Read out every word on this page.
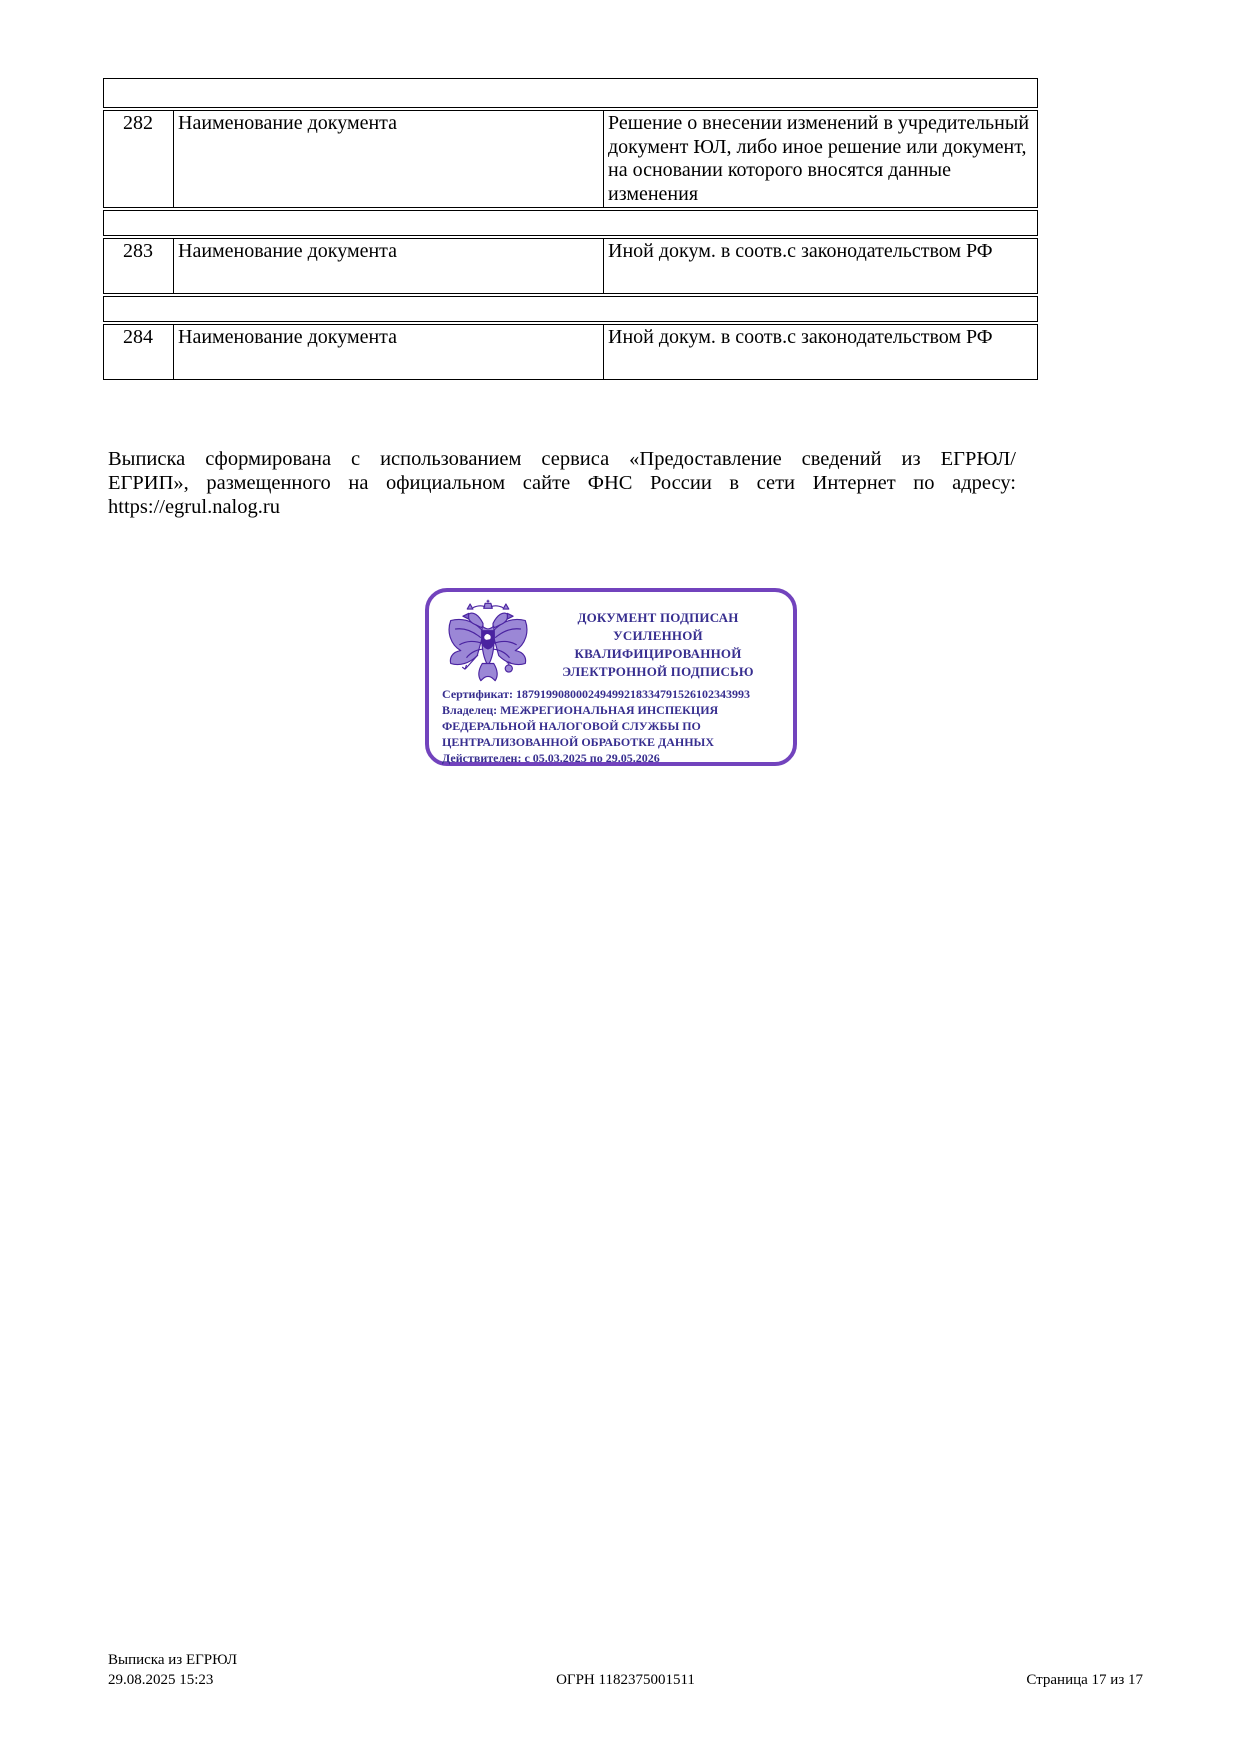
282	Наименование документа	Решение о внесении изменений в учредительный документ ЮЛ, либо иное решение или документ, на основании которого вносятся данные изменения
283	Наименование документа	Иной докум. в соотв.с законодательством РФ
284	Наименование документа	Иной докум. в соотв.с законодательством РФ

Выписка сформирована с использованием сервиса «Предоставление сведений из ЕГРЮЛ/ЕГРИП», размещенного на официальном сайте ФНС России в сети Интернет по адресу: https://egrul.nalog.ru

ДОКУМЕНТ ПОДПИСАН
УСИЛЕННОЙ КВАЛИФИЦИРОВАННОЙ
ЭЛЕКТРОННОЙ ПОДПИСЬЮ
Сертификат: 187919908000249499218334791526102343993
Владелец: МЕЖРЕГИОНАЛЬНАЯ ИНСПЕКЦИЯ ФЕДЕРАЛЬНОЙ НАЛОГОВОЙ СЛУЖБЫ ПО ЦЕНТРАЛИЗОВАННОЙ ОБРАБОТКЕ ДАННЫХ
Действителен: с 05.03.2025 по 29.05.2026
Выписка из ЕГРЮЛ
29.08.2025 15:23	ОГРН 1182375001511	Страница 17 из 17
